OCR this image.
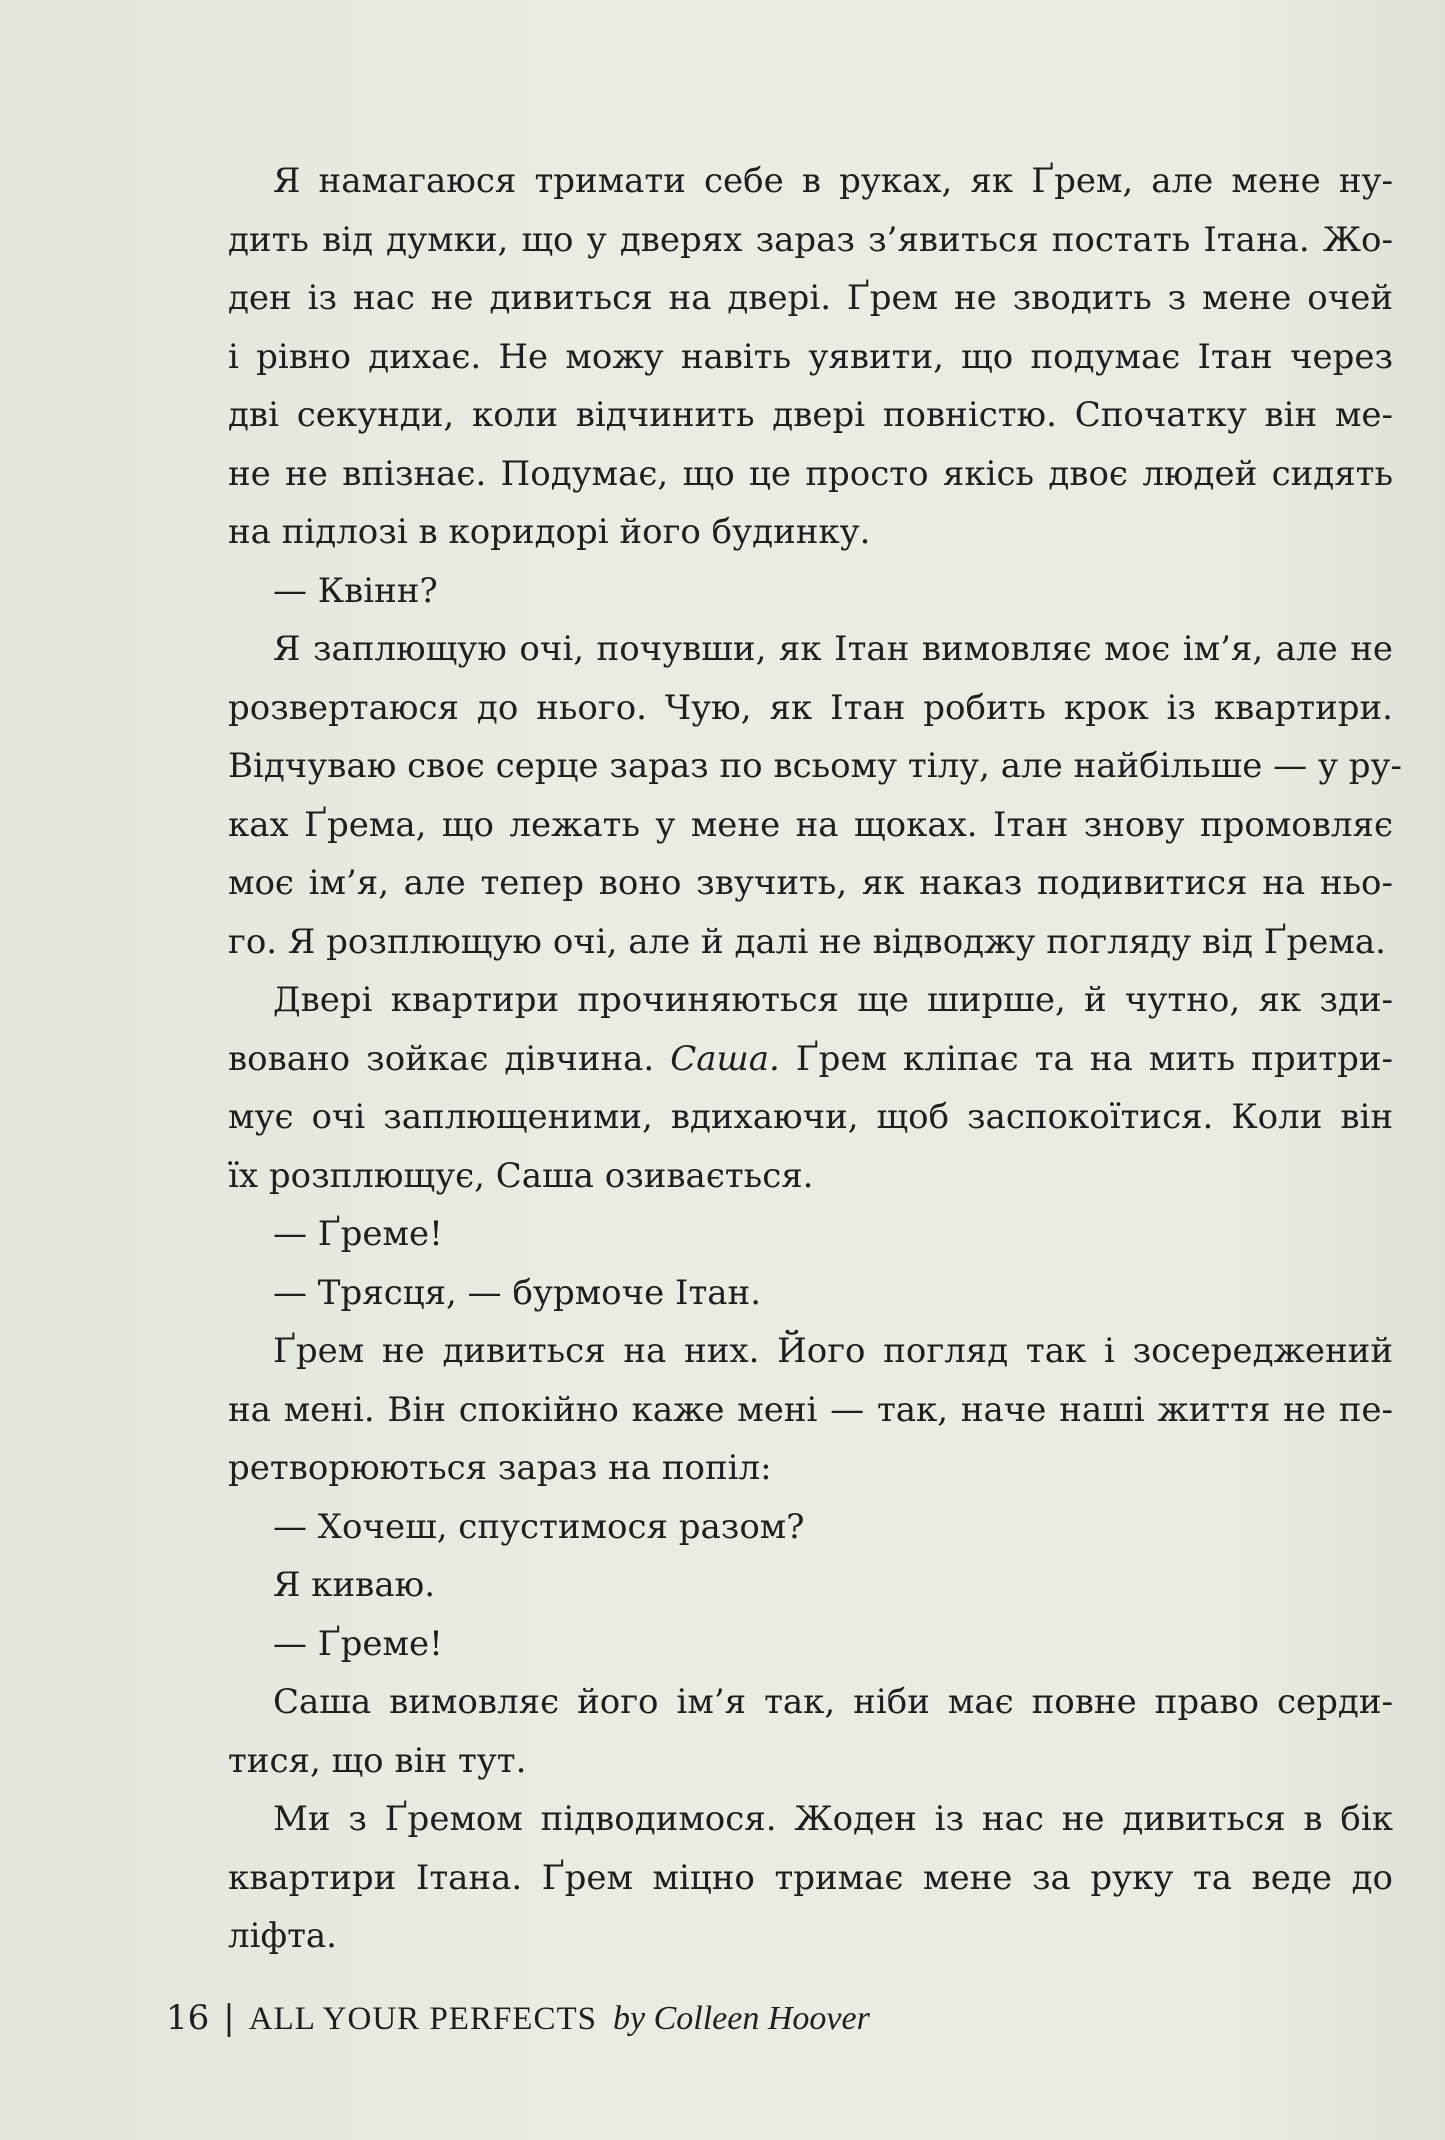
Я намагаюся тримати себе в руках, як Ґрем, але мене ну-
дить від думки, що у дверях зараз з’явиться постать Ітана. Жо-
ден із нас не дивиться на двері. Ґрем не зводить з мене очей
і рівно дихає. Не можу навіть уявити, що подумає Ітан через
дві секунди, коли відчинить двері повністю. Спочатку він ме-
не не впізнає. Подумає, що це просто якісь двоє людей сидять
на підлозі в коридорі його будинку.
— Квінн?
Я заплющую очі, почувши, як Ітан вимовляє моє ім’я, але не
розвертаюся до нього. Чую, як Ітан робить крок із квартири.
Відчуваю своє серце зараз по всьому тілу, але найбільше — у ру-
ках Ґрема, що лежать у мене на щоках. Ітан знову промовляє
моє ім’я, але тепер воно звучить, як наказ подивитися на ньо-
го. Я розплющую очі, але й далі не відводжу погляду від Ґрема.
Двері квартири прочиняються ще ширше, й чутно, як зди-
вовано зойкає дівчина. Саша. Ґрем кліпає та на мить притри-
мує очі заплющеними, вдихаючи, щоб заспокоїтися. Коли він
їх розплющує, Саша озивається.
— Ґреме!
— Трясця, — бурмоче Ітан.
Ґрем не дивиться на них. Його погляд так і зосереджений
на мені. Він спокійно каже мені — так, наче наші життя не пе-
ретворюються зараз на попіл:
— Хочеш, спустимося разом?
Я киваю.
— Ґреме!
Саша вимовляє його ім’я так, ніби має повне право серди-
тися, що він тут.
Ми з Ґремом підводимося. Жоден із нас не дивиться в бік
квартири Ітана. Ґрем міцно тримає мене за руку та веде до
ліфта.
16 | ALL YOUR PERFECTS by Colleen Hoover
